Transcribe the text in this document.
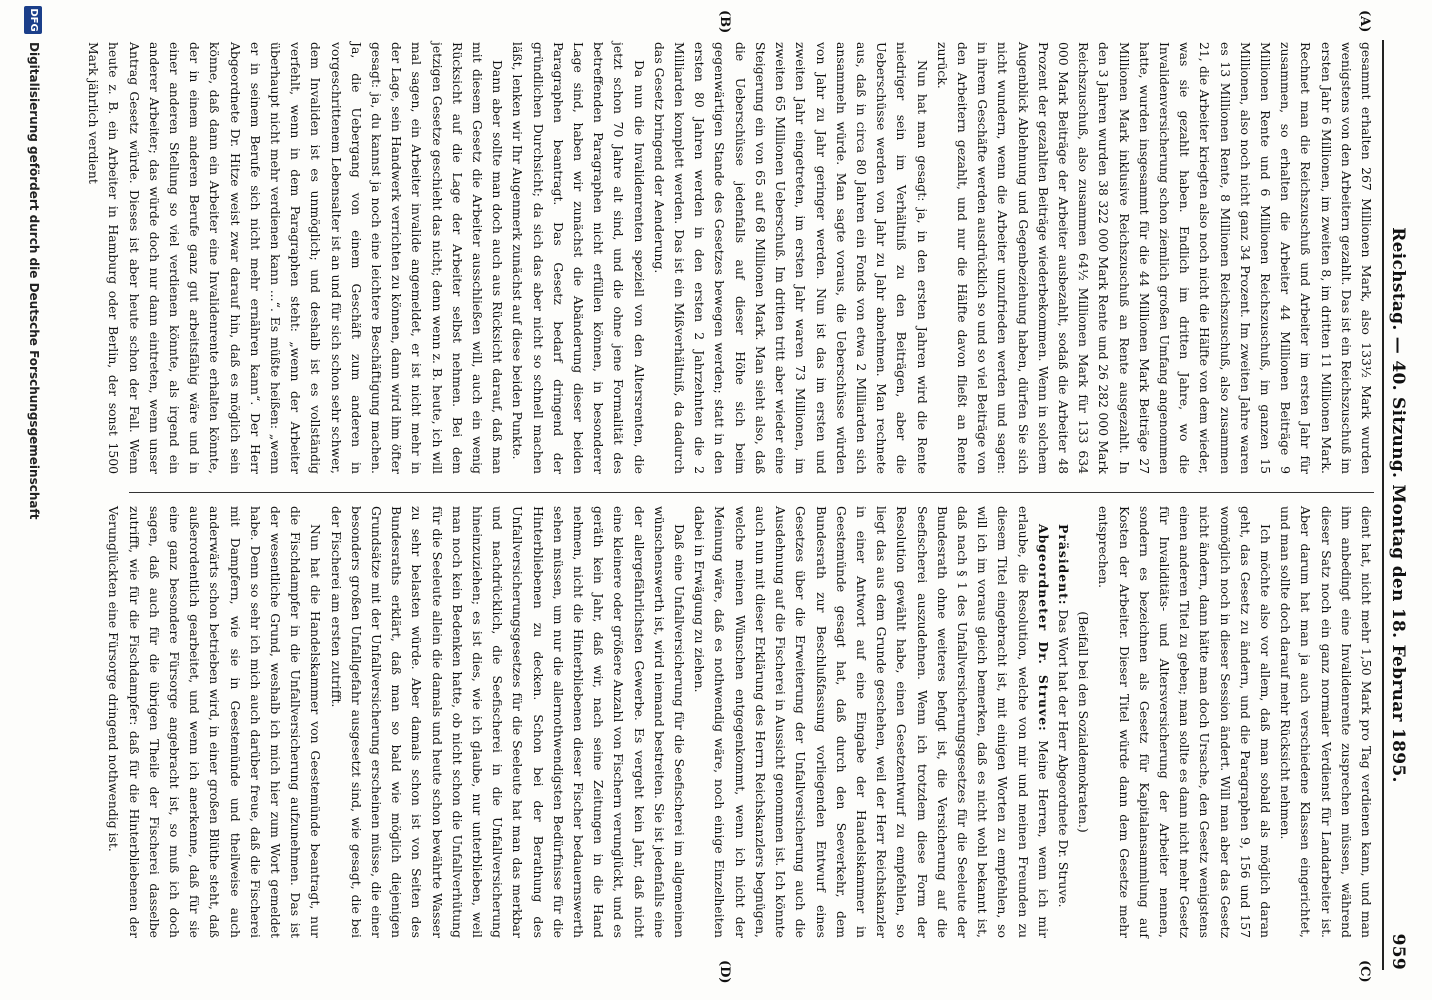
Reichstag. — 40. Sitzung. Montag den 18. Februar 1895.
959
(A)
(B)
(C)
(D)

gesammt erhalten 267 Millionen Mark, also 133½ Mark wurden wenigstens von den Arbeitern gezahlt. Das ist ein Reichszuschuß im ersten Jahr 6 Millionen, im zweiten 8, im dritten 11 Millionen Mark. Rechnet man die Reichszuschuß und Arbeiter im ersten Jahr für zusammen, so erhalten die Arbeiter 44 Millionen Beiträge 9 Millionen Rente und 6 Millionen Reichszuschuß, im ganzen 15 Millionen, also noch nicht ganz 34 Prozent. Im zweiten Jahre waren es 13 Millionen Rente, 8 Millionen Reichszuschuß, also zusammen 21, die Arbeiter kriegten also noch nicht die Hälfte von dem wieder, was sie gezahlt haben. Endlich im dritten Jahre, wo die Invalidenversicherung schon ziemlich großen Umfang angenommen hatte, wurden insgesammt für die 44 Millionen Mark Beiträge 27 Millionen Mark inklusive Reichszuschuß an Rente ausgezahlt. In den 3 Jahren wurden 38 322 000 Mark Rente und 26 282 000 Mark Reichszuschuß, also zusammen 64½ Millionen Mark für 133 634 000 Mark Beiträge der Arbeiter ausbezahlt, sodaß die Arbeiter 48 Prozent der gezahlten Beiträge wiederbekommen. Wenn in solchem Augenblick Ablehnung und Gegenbeziehung haben, dürfen Sie sich nicht wundern, wenn die Arbeiter unzufrieden werden und sagen: in ihrem Geschäfte werden ausdrücklich so und so viel Beiträge von den Arbeitern gezahlt, und nur die Hälfte davon fließt an Rente zurück.

Nun hat man gesagt: ja, in den ersten Jahren wird die Rente niedriger sein im Verhältniß zu den Beiträgen, aber die Ueberschüsse werden von Jahr zu Jahr abnehmen. Man rechnete aus, daß in circa 80 Jahren ein Fonds von etwa 2 Milliarden sich ansammeln würde. Man sagte voraus, die Ueberschüsse würden von Jahr zu Jahr geringer werden. Nun ist das im ersten und zweiten Jahr eingetreten, im ersten Jahr waren 73 Millionen, im zweiten 65 Millionen Ueberschuß. Im dritten tritt aber wieder eine Steigerung ein von 65 auf 68 Millionen Mark. Man sieht also, daß die Ueberschüsse jedenfalls auf dieser Höhe sich beim gegenwärtigen Stande des Gesetzes bewegen werden; statt in den ersten 80 Jahren werden in den ersten 2 Jahrzehnten die 2 Milliarden komplett werden. Das ist ein Mißverhältniß, da dadurch das Gesetz bringend der Aenderung.

Da nun die Invalidenrenten speziell von den Altersrenten, die jetzt schon 70 Jahre alt sind, und die ohne jene Formalität des betreffenden Paragraphen nicht erfüllen können, in besonderer Lage sind, haben wir zunächst die Abänderung dieser beiden Paragraphen beantragt. Das Gesetz bedarf dringend der gründlichen Durchsicht; da sich das aber nicht so schnell machen läßt, lenken wir Ihr Augenmerk zunächst auf diese beiden Punkte.

Dann aber sollte man doch auch aus Rücksicht darauf, daß man mit diesem Gesetz die Arbeiter ausschließen will, auch ein wenig Rücksicht auf die Lage der Arbeiter selbst nehmen. Bei dem jetzigen Gesetze geschieht das nicht; denn wenn z. B. heute, ich will mal sagen, ein Arbeiter invalide angemeldet, er ist nicht mehr in der Lage, sein Handwerk verrichten zu können, dann wird ihm öfter gesagt: ja, du kannst ja noch eine leichtere Beschäftigung machen. Ja, die Uebergang von einem Geschäft zum anderen in vorgeschrittenem Lebensalter ist an und für sich schon sehr schwer, dem Invaliden ist es unmöglich; und deshalb ist es vollständig verfehlt, wenn in dem Paragraphen steht: „wenn der Arbeiter überhaupt nicht mehr verdienen kann ...“. Es müßte heißen: „wenn er in seinem Berufe sich nicht mehr ernähren kann“. Der Herr Abgeordnete Dr. Hitze weist zwar darauf hin, daß es möglich sein könne, daß dann ein Arbeiter eine Invalidenrente erhalten könnte, der in einem anderen Berufe ganz gut arbeitsfähig wäre und in einer anderen Stellung so viel verdienen könnte, als irgend ein anderer Arbeiter; das würde doch nur dann eintreten, wenn unser Antrag Gesetz würde. Dieses ist aber heute schon der Fall. Wenn heute z. B. ein Arbeiter in Hamburg oder Berlin, der sonst 1500 Mark jährlich verdient

dient hat, nicht mehr 1,50 Mark pro Tag verdienen kann, und man ihm anbedingt eine Invalidenrente zusprechen müssen, während dieser Satz noch ein ganz normaler Verdienst für Landarbeiter ist. Aber darum hat man ja auch verschiedene Klassen eingerichtet, und man sollte doch darauf mehr Rücksicht nehmen.

Ich möchte also vor allem, daß man sobald als möglich daran geht, das Gesetz zu ändern, und die Paragraphen 9, 156 und 157 womöglich noch in dieser Session ändert. Will man aber das Gesetz nicht ändern, dann hätte man doch Ursache, den Gesetz wenigstens einen anderen Titel zu geben; man sollte es dann nicht mehr Gesetz für Invaliditäts- und Altersversicherung der Arbeiter nennen, sondern es bezeichnen als Gesetz für Kapitalansammlung auf Kosten der Arbeiter. Dieser Titel würde dann dem Gesetze mehr entsprechen.

(Beifall bei den Sozialdemokraten.)

Präsident: Das Wort hat der Herr Abgeordnete Dr. Struve.

Abgeordneter Dr. Struve: Meine Herren, wenn ich mir erlaube, die Resolution, welche von mir und meinen Freunden zu diesem Titel eingebracht ist, mit einigen Worten zu empfehlen, so will ich im voraus gleich bemerken, daß es nicht wohl bekannt ist, daß nach § 1 des Unfallversicherungsgesetzes für die Seeleute der Bundesrath ohne weiteres befugt ist, die Versicherung auf die Seefischerei auszudehnen. Wenn ich trotzdem diese Form der Resolution gewählt habe, einen Gesetzentwurf zu empfehlen, so liegt das aus dem Grunde geschehen, weil der Herr Reichskanzler in einer Antwort auf eine Eingabe der Handelskammer in Geestemünde gesagt hat, daß durch den Seeverkehr, dem Bundesrath zur Beschlußfassung vorliegenden Entwurf eines Gesetzes über die Erweiterung der Unfallversicherung auch die Ausdehnung auf die Fischerei in Aussicht genommen ist. Ich könnte auch nun mit dieser Erklärung des Herrn Reichskanzlers begnügen, welche meinen Wünschen entgegenkommt, wenn ich nicht der Meinung wäre, daß es nothwendig wäre, noch einige Einzelheiten dabei in Erwägung zu ziehen.

Daß eine Unfallversicherung für die Seefischerei im allgemeinen wünschenswerth ist, wird niemand bestreiten. Sie ist jedenfalls eine der allergefährlichsten Gewerbe. Es vergeht kein Jahr, daß nicht eine kleinere oder größere Anzahl von Fischern verunglückt, und es geräth kein Jahr, daß wir, nach seine Zeitungen in die Hand nehmen, nicht die Hinterbliebenen dieser Fischer bedauernswerth sehen müssen, um nur die allernothwendigsten Bedürfnisse für die Hinterbliebenen zu decken. Schon bei der Berathung des Unfallversicherungsgesetzes für die Seeleute hat man das merkbar und nachdrücklich, die Seefischerei in die Unfallversicherung hineinzuziehen; es ist dies, wie ich glaube, nur unterblieben, weil man noch kein Bedenken hatte, ob nicht schon die Unfallverhütung für die Seeleute allein die damals und heute schon bewährte Wasser zu sehr belasten würde. Aber damals schon ist von Seiten des Bundesraths erklärt, daß man so bald wie möglich diejenigen Grundsätze mit der Unfallversicherung erscheinen müsse, die einer besonders großen Unfallgefahr ausgesetzt sind, wie gesagt, die bei der Fischerei am ersten zutrifft.

Nun hat die Handelskammer von Geestemünde beantragt, nur die Fischdampfer in die Unfallversicherung aufzunehmen. Das ist der wesentliche Grund, weshalb ich mich hier zum Wort gemeldet habe. Denn so sehr ich mich auch darüber freue, daß die Fischerei mit Dampfern, wie sie in Geestemünde und theilweise auch anderwärts schon betrieben wird, in einer großen Blüthe steht, daß außerordentlich gearbeitet, und wenn ich anerkenne, daß für sie eine ganz besondere Fürsorge angebracht ist, so muß ich doch sagen, daß auch für die übrigen Theile der Fischerei dasselbe zutrifft, wie für die Fischdampfer: daß für die Hinterbliebenen der Verunglückten eine Fürsorge dringend nothwendig ist.

DFG
Digitalisierung gefördert durch die Deutsche Forschungsgemeinschaft
